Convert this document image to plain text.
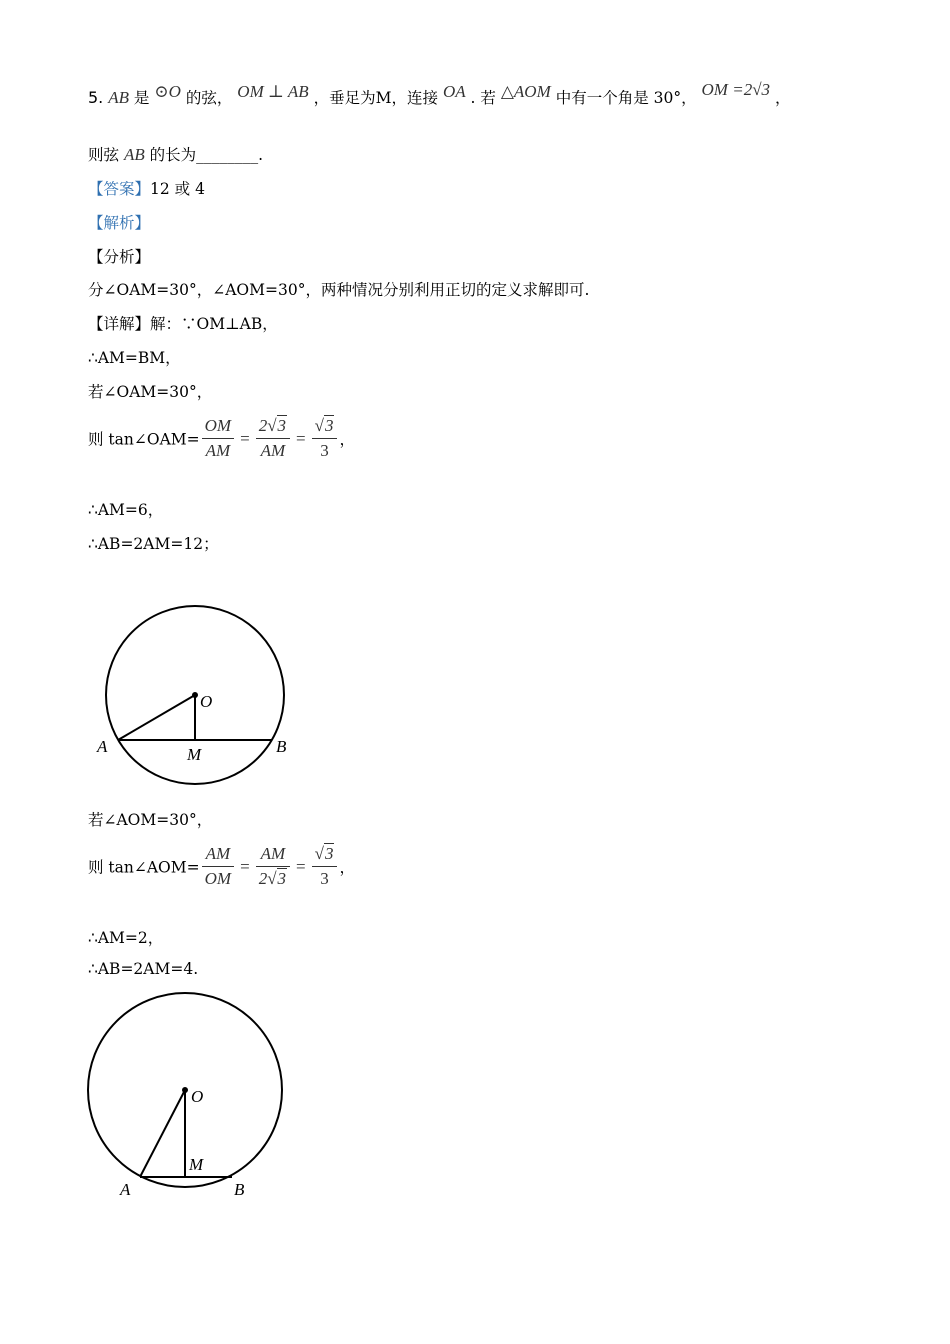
5. AB 是 ⊙O 的弦， OM ⊥ AB ，垂足为M，连接 OA . 若 △AOM 中有一个角是 30°， OM =2√3 ，
则弦 AB 的长为________.
【答案】12 或 4
【解析】
【分析】
分∠OAM=30°，∠AOM=30°，两种情况分别利用正切的定义求解即可.
【详解】解：∵OM⊥AB，
∴AM=BM，
若∠OAM=30°，
则 tan∠OAM= $\frac{OM}{AM} = \frac{2√3}{AM} = \frac{√3}{3}$ ，
∴AM=6，
∴AB=2AM=12；
O
A	B
M
若∠AOM=30°，
则 tan∠AOM= $\frac{AM}{OM} = \frac{AM}{2√3} = \frac{√3}{3}$ ，
∴AM=2，
∴AB=2AM=4.
O
M
A	B
